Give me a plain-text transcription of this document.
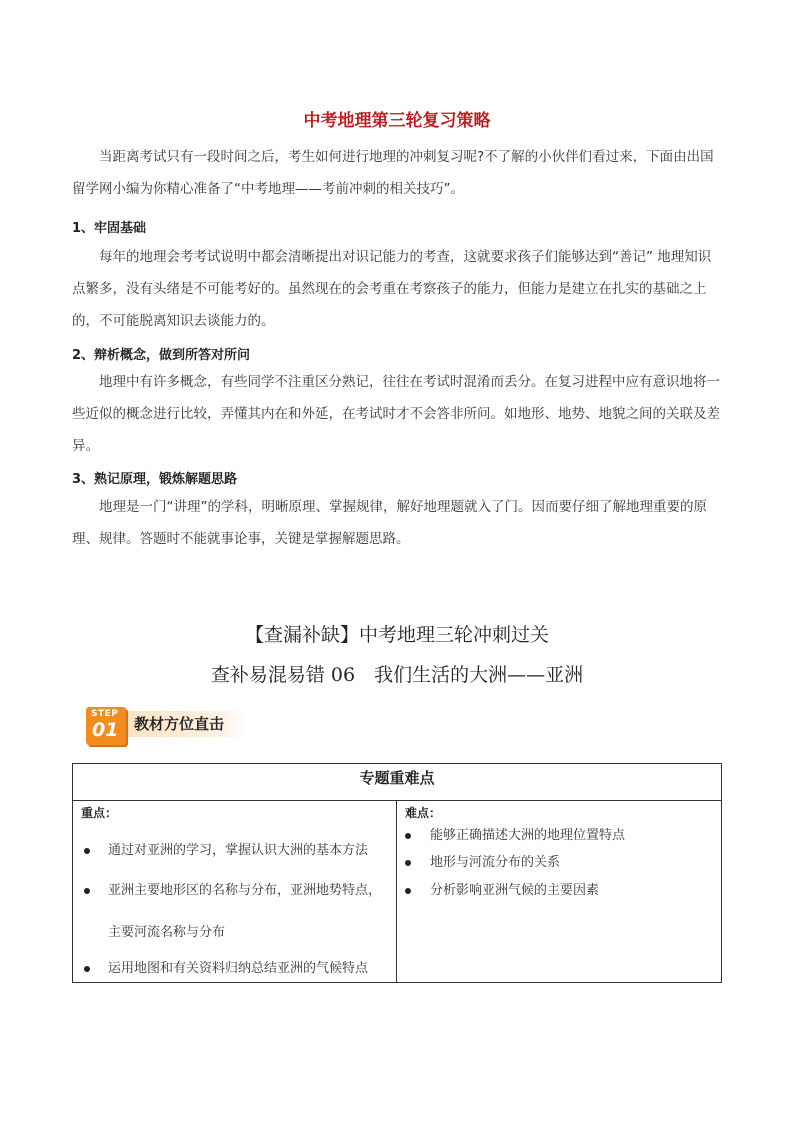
中考地理第三轮复习策略

当距离考试只有一段时间之后，考生如何进行地理的冲刺复习呢?不了解的小伙伴们看过来，下面由出国留学网小编为你精心准备了“中考地理——考前冲刺的相关技巧”。

1、牢固基础

每年的地理会考考试说明中都会清晰提出对识记能力的考查，这就要求孩子们能够达到“善记” 地理知识点繁多，没有头绪是不可能考好的。虽然现在的会考重在考察孩子的能力，但能力是建立在扎实的基础之上的，不可能脱离知识去谈能力的。

2、辩析概念，做到所答对所问

地理中有许多概念，有些同学不注重区分熟记，往往在考试时混淆而丢分。在复习进程中应有意识地将一些近似的概念进行比较，弄懂其内在和外延，在考试时才不会答非所问。如地形、地势、地貌之间的关联及差异。

3、熟记原理，锻炼解题思路

地理是一门“讲理”的学科，明晰原理、掌握规律，解好地理题就入了门。因而要仔细了解地理重要的原理、规律。答题时不能就事论事，关键是掌握解题思路。

【查漏补缺】中考地理三轮冲刺过关
查补易混易错 06　我们生活的大洲——亚洲
STEP
01 教材方位直击
专题重难点
重点：
通过对亚洲的学习，掌握认识大洲的基本方法
亚洲主要地形区的名称与分布，亚洲地势特点，
主要河流名称与分布
运用地图和有关资料归纳总结亚洲的气候特点
难点：
能够正确描述大洲的地理位置特点
地形与河流分布的关系
分析影响亚洲气候的主要因素
